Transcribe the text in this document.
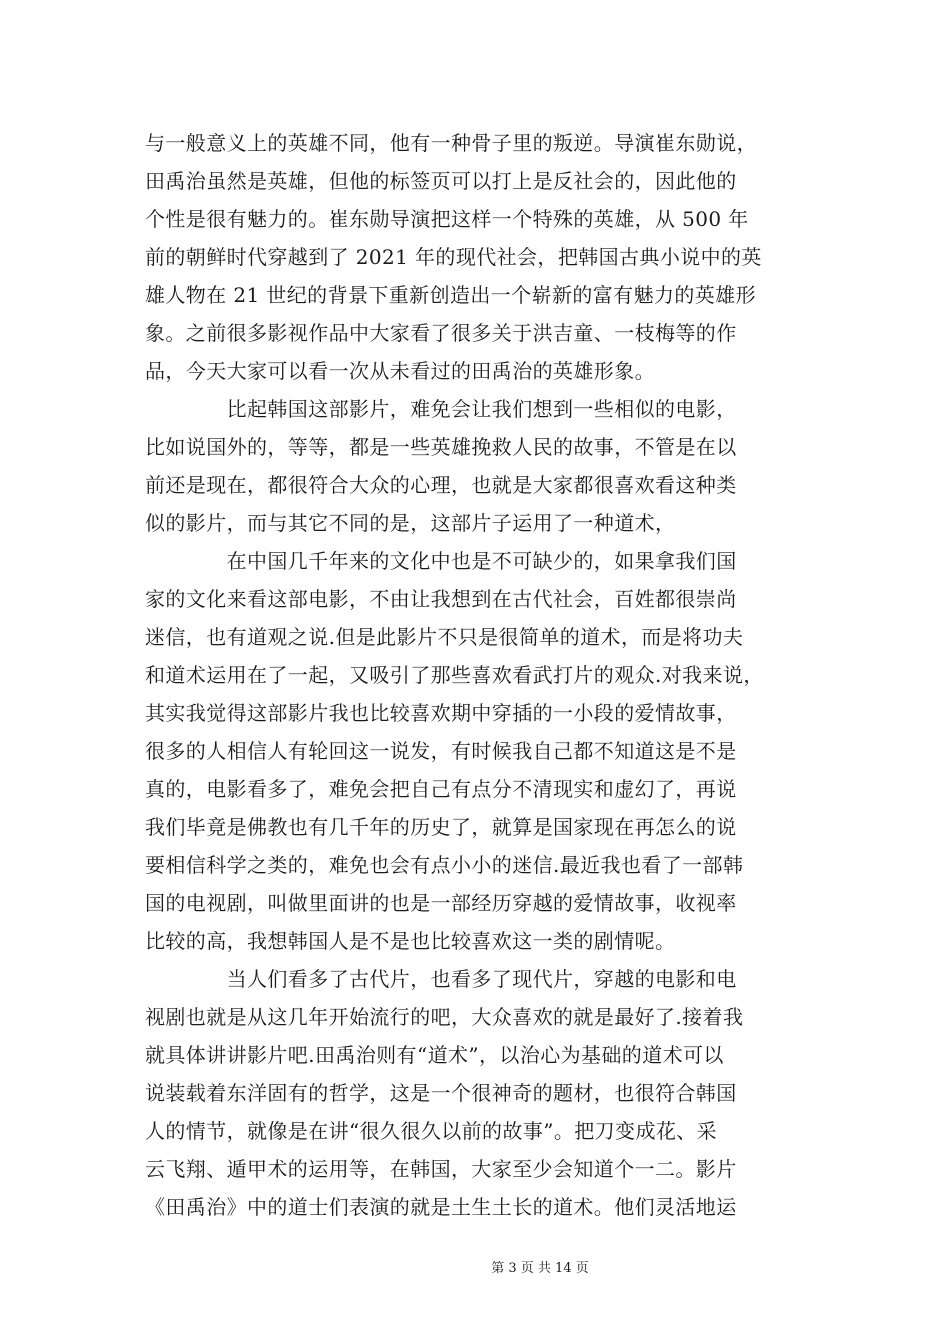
与一般意义上的英雄不同，他有一种骨子里的叛逆。导演崔东勋说，
田禹治虽然是英雄，但他的标签页可以打上是反社会的，因此他的
个性是很有魅力的。崔东勋导演把这样一个特殊的英雄，从 500 年
前的朝鲜时代穿越到了 2021 年的现代社会，把韩国古典小说中的英
雄人物在 21 世纪的背景下重新创造出一个崭新的富有魅力的英雄形
象。之前很多影视作品中大家看了很多关于洪吉童、一枝梅等的作
品，今天大家可以看一次从未看过的田禹治的英雄形象。
　　　　比起韩国这部影片，难免会让我们想到一些相似的电影，
比如说国外的，等等，都是一些英雄挽救人民的故事，不管是在以
前还是现在，都很符合大众的心理，也就是大家都很喜欢看这种类
似的影片，而与其它不同的是，这部片子运用了一种道术，
　　　　在中国几千年来的文化中也是不可缺少的，如果拿我们国
家的文化来看这部电影，不由让我想到在古代社会，百姓都很崇尚
迷信，也有道观之说.但是此影片不只是很简单的道术，而是将功夫
和道术运用在了一起，又吸引了那些喜欢看武打片的观众.对我来说，
其实我觉得这部影片我也比较喜欢期中穿插的一小段的爱情故事，
很多的人相信人有轮回这一说发，有时候我自己都不知道这是不是
真的，电影看多了，难免会把自己有点分不清现实和虚幻了，再说
我们毕竟是佛教也有几千年的历史了，就算是国家现在再怎么的说
要相信科学之类的，难免也会有点小小的迷信.最近我也看了一部韩
国的电视剧，叫做里面讲的也是一部经历穿越的爱情故事，收视率
比较的高，我想韩国人是不是也比较喜欢这一类的剧情呢。
　　　　当人们看多了古代片，也看多了现代片，穿越的电影和电
视剧也就是从这几年开始流行的吧，大众喜欢的就是最好了.接着我
就具体讲讲影片吧.田禹治则有“道术”，以治心为基础的道术可以
说装载着东洋固有的哲学，这是一个很神奇的题材，也很符合韩国
人的情节，就像是在讲“很久很久以前的故事”。把刀变成花、采
云飞翔、遁甲术的运用等，在韩国，大家至少会知道个一二。影片
《田禹治》中的道士们表演的就是土生土长的道术。他们灵活地运
第 3 页 共 14 页
